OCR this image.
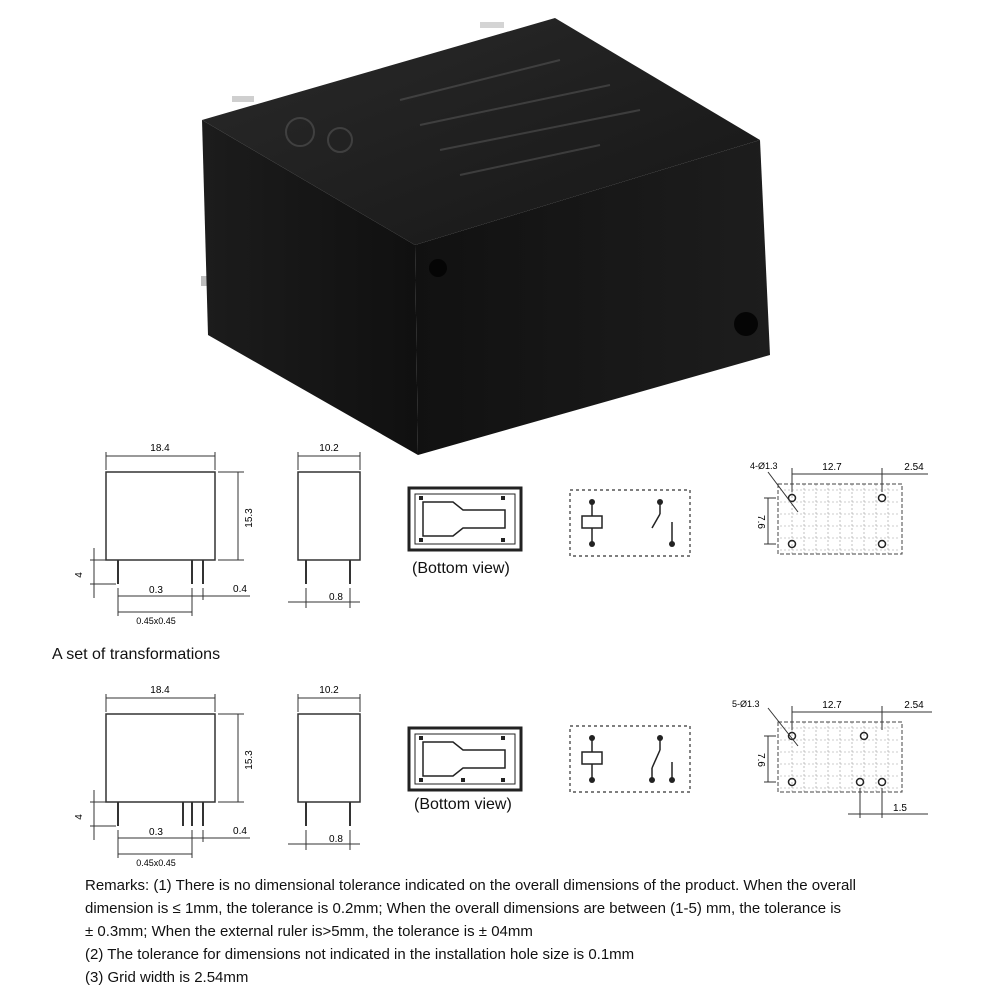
18.4
15.3
4
0.3	0.4
0.45x0.45
10.2
0.8
(Bottom view)
4-Ø1.3	12.7	2.54
7.6
A set of transformations
18.4
15.3
4
0.3	0.4
0.45x0.45
10.2
0.8
(Bottom view)
5-Ø1.3	12.7	2.54
7.6
1.5
Remarks: (1) There is no dimensional tolerance indicated on the overall dimensions of the product. When the overall
dimension is ≤ 1mm, the tolerance is 0.2mm; When the overall dimensions are between (1-5) mm, the tolerance is
± 0.3mm; When the external ruler is>5mm, the tolerance is ± 04mm
(2) The tolerance for dimensions not indicated in the installation hole size is 0.1mm
(3) Grid width is 2.54mm
